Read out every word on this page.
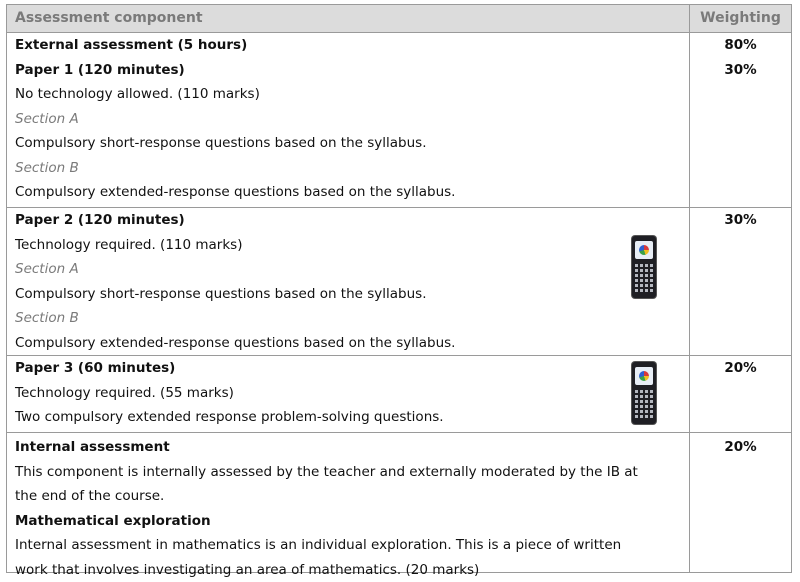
Assessment component	Weighting
External assessment (5 hours)
Paper 1 (120 minutes)
No technology allowed. (110 marks)
Section A
Compulsory short-response questions based on the syllabus.
Section B
Compulsory extended-response questions based on the syllabus.
80%
30%
Paper 2 (120 minutes)
Technology required. (110 marks)
Section A
Compulsory short-response questions based on the syllabus.
Section B
Compulsory extended-response questions based on the syllabus.
30%
Paper 3 (60 minutes)
Technology required. (55 marks)
Two compulsory extended response problem-solving questions.
20%
Internal assessment
This component is internally assessed by the teacher and externally moderated by the IB at
the end of the course.
Mathematical exploration
Internal assessment in mathematics is an individual exploration. This is a piece of written
work that involves investigating an area of mathematics. (20 marks)
20%
